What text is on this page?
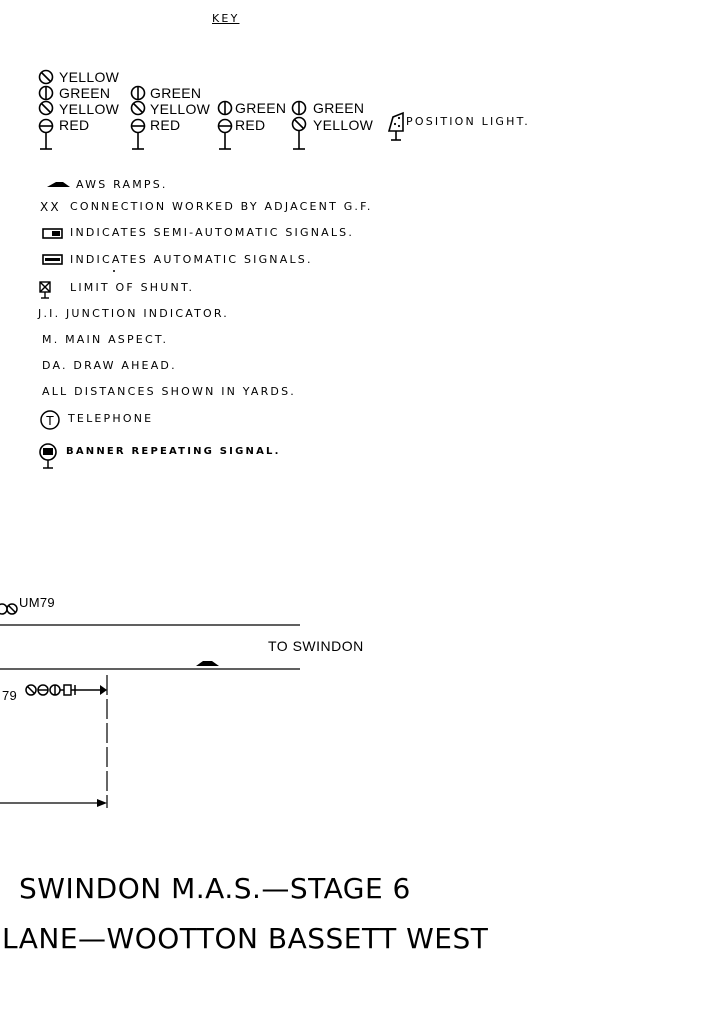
KEY
T
YELLOW
GREEN
YELLOW
RED
GREEN
YELLOW
RED
GREEN
RED
GREEN
YELLOW	POSITION LIGHT.
AWS RAMPS.
XX CONNECTION WORKED BY ADJACENT G.F.
INDICATES SEMI-AUTOMATIC SIGNALS.
INDICATES AUTOMATIC SIGNALS.
LIMIT OF SHUNT.
J.I. JUNCTION INDICATOR.
M. MAIN ASPECT.
DA. DRAW AHEAD.
ALL DISTANCES SHOWN IN YARDS.
TELEPHONE
BANNER REPEATING SIGNAL.
UM79
79
TO SWINDON
SWINDON M.A.S.—STAGE 6
LANE—WOOTTON BASSETT WEST
